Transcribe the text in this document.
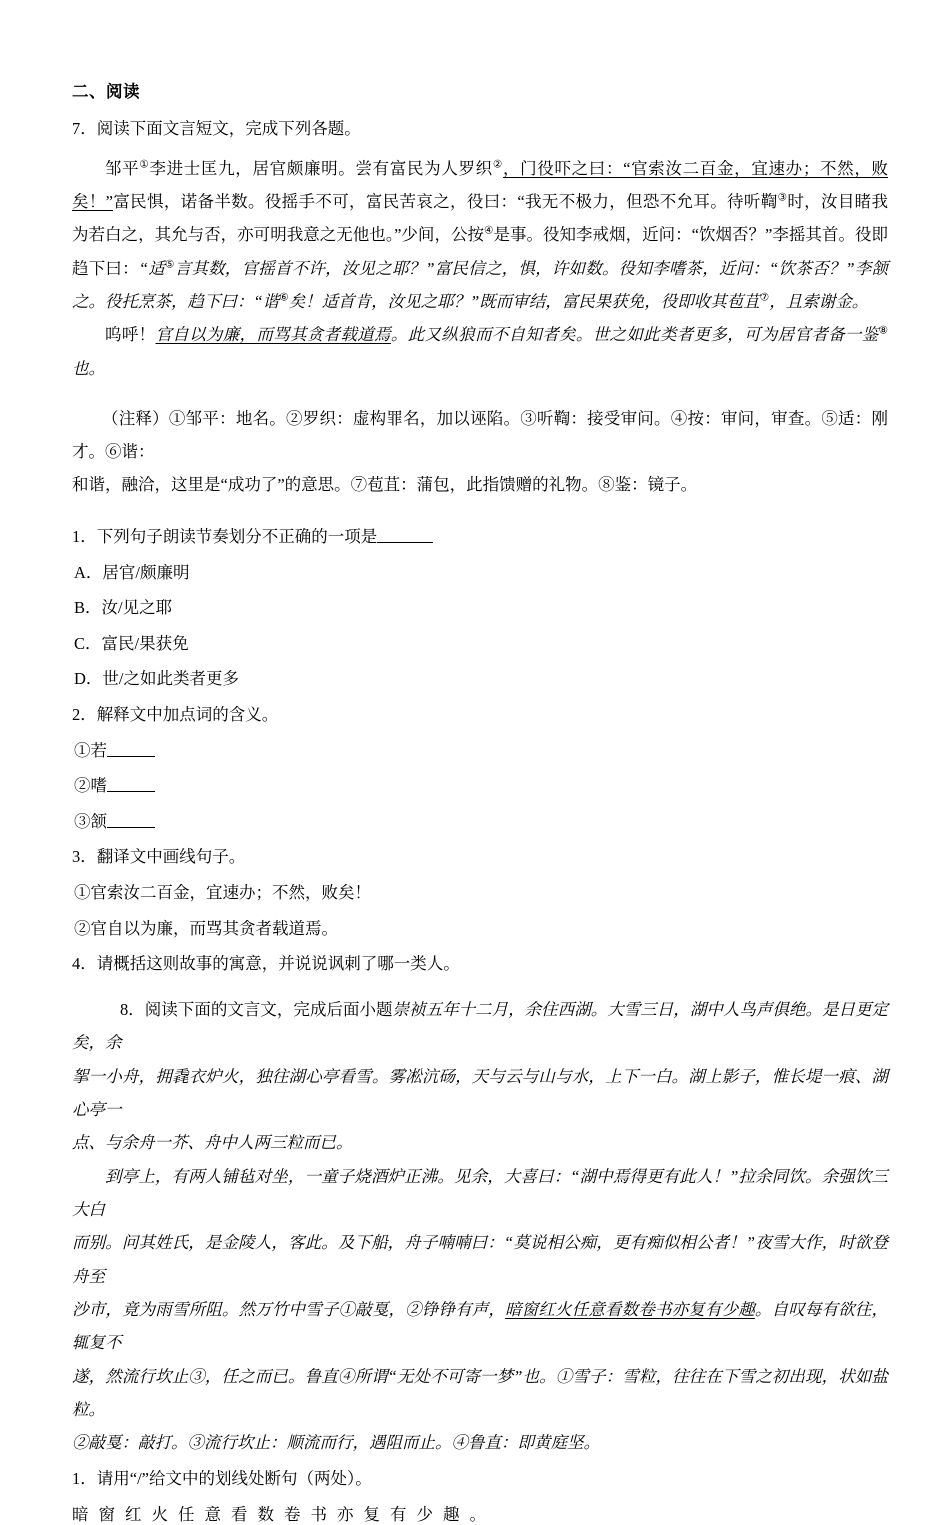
二、阅读
7．阅读下面文言短文，完成下列各题。

邹平①李进士匡九，居官颇廉明。尝有富民为人罗织②，门役吓之曰：“官索汝二百金，宜速办；不然，败矣！”富民惧，诺备半数。役摇手不可，富民苦哀之，役曰：“我无不极力，但恐不允耳。待听鞫③时，汝目睹我为若白之，其允与否，亦可明我意之无他也。”少间，公按④是事。役知李戒烟，近问：“饮烟否？”李摇其首。役即趋下曰：“适⑤言其数，官摇首不许，汝见之耶？”富民信之，惧，许如数。役知李嗜茶，近问：“饮茶否？”李颔之。役托烹茶，趋下曰：“谐⑥矣！适首肯，汝见之耶？”既而审结，富民果获免，役即收其苞苴⑦，且索谢金。

呜呼！官自以为廉，而骂其贪者载道焉。此又纵狼而不自知者矣。世之如此类者更多，可为居官者备一鉴⑧也。

（注释）①邹平：地名。②罗织：虚构罪名，加以诬陷。③听鞫：接受审问。④按：审问，审查。⑤适：刚才。⑥谐：
和谐，融洽，这里是“成功了”的意思。⑦苞苴：蒲包，此指馈赠的礼物。⑧鉴：镜子。

1．下列句子朗读节奏划分不正确的一项是
A．居官/颇廉明
B．汝/见之耶
C．富民/果获免
D．世/之如此类者更多
2．解释文中加点词的含义。
①若
②嗜
③颔
3．翻译文中画线句子。
①官索汝二百金，宜速办；不然，败矣！
②官自以为廉，而骂其贪者载道焉。
4．请概括这则故事的寓意，并说说讽刺了哪一类人。

8．阅读下面的文言文，完成后面小题崇祯五年十二月，余住西湖。大雪三日，湖中人鸟声俱绝。是日更定矣，余
挐一小舟，拥毳衣炉火，独往湖心亭看雪。雾凇沆砀，天与云与山与水，上下一白。湖上影子，惟长堤一痕、湖心亭一
点、与余舟一芥、舟中人两三粒而已。

到亭上，有两人铺毡对坐，一童子烧酒炉正沸。见余，大喜曰：“湖中焉得更有此人！”拉余同饮。余强饮三大白
而别。问其姓氏，是金陵人，客此。及下船，舟子喃喃曰：“莫说相公痴，更有痴似相公者！”夜雪大作，时欲登舟至
沙市，竟为雨雪所阻。然万竹中雪子①敲戛，②铮铮有声，暗窗红火任意看数卷书亦复有少趣。自叹每有欲往，辄复不
遂，然流行坎止③，任之而已。鲁直④所谓“无处不可寄一梦”也。①雪子：雪粒，往往在下雪之初出现，状如盐粒。
②敲戛：敲打。③流行坎止：顺流而行，遇阻而止。④鲁直：即黄庭坚。

1．请用“/”给文中的划线处断句（两处）。
暗窗红火任意看数卷书亦复有少趣。
